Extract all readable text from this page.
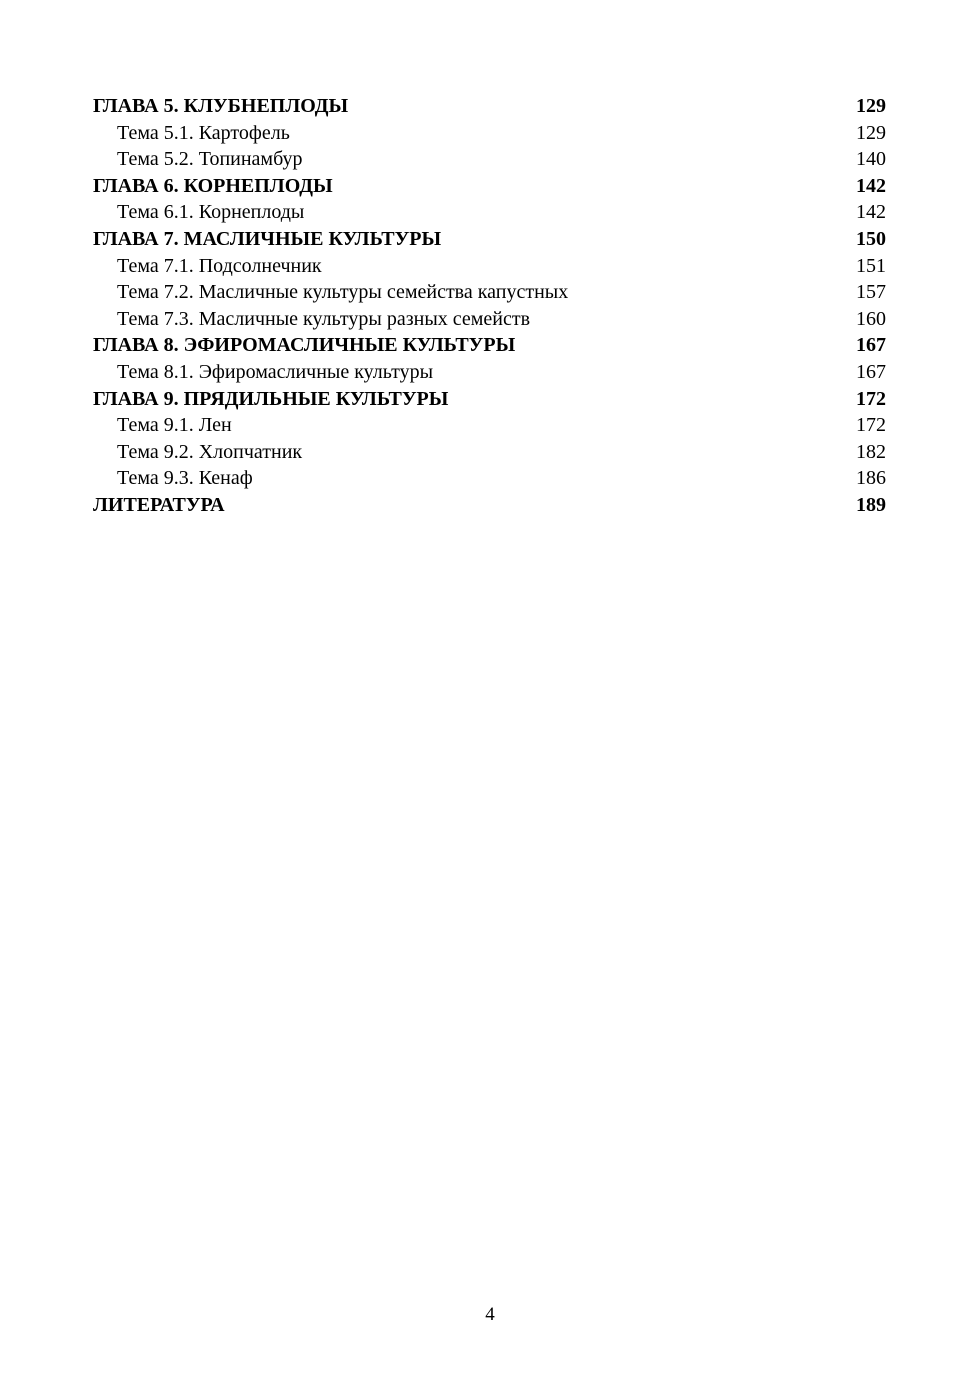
ГЛАВА 5. КЛУБНЕПЛОДЫ	129
Тема 5.1. Картофель	129
Тема 5.2. Топинамбур	140
ГЛАВА 6. КОРНЕПЛОДЫ	142
Тема 6.1. Корнеплоды	142
ГЛАВА 7. МАСЛИЧНЫЕ КУЛЬТУРЫ	150
Тема 7.1. Подсолнечник	151
Тема 7.2. Масличные культуры семейства капустных	157
Тема 7.3. Масличные культуры разных семейств	160
ГЛАВА 8. ЭФИРОМАСЛИЧНЫЕ КУЛЬТУРЫ	167
Тема 8.1. Эфиромасличные культуры	167
ГЛАВА 9. ПРЯДИЛЬНЫЕ КУЛЬТУРЫ	172
Тема 9.1. Лен	172
Тема 9.2. Хлопчатник	182
Тема 9.3. Кенаф	186
ЛИТЕРАТУРА	189
4
